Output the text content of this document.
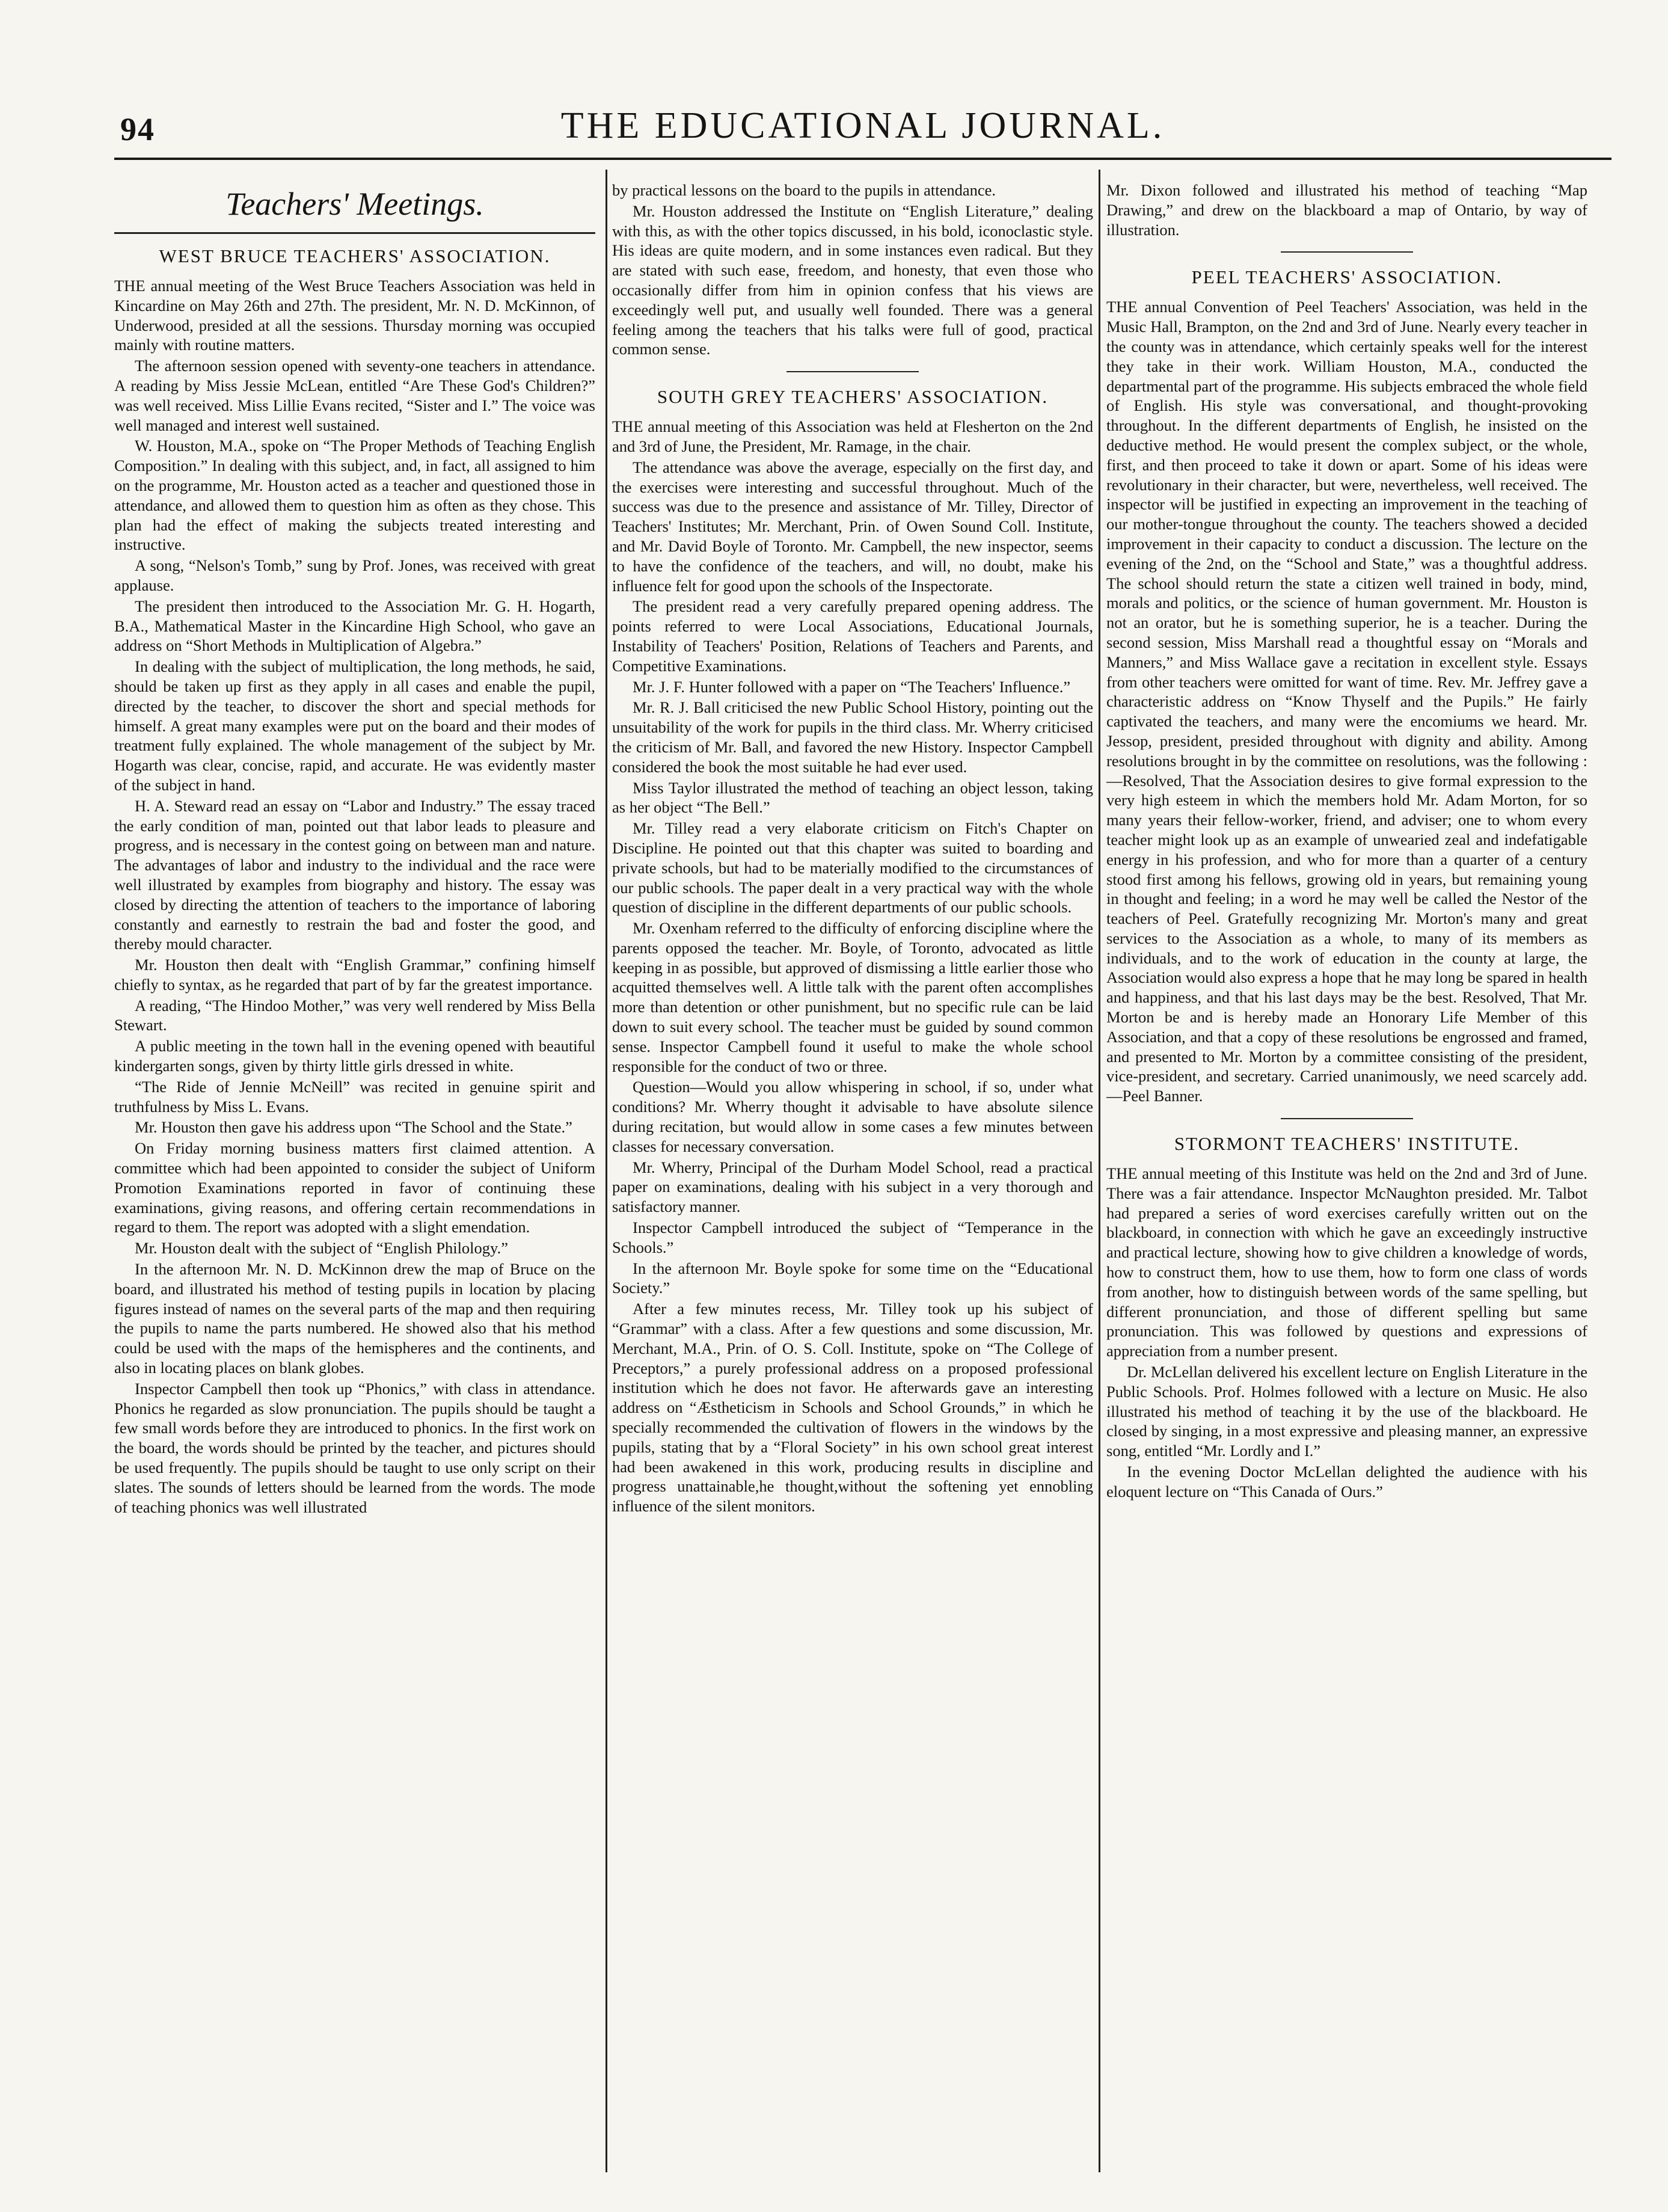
94	THE EDUCATIONAL JOURNAL.
Teachers' Meetings.
WEST BRUCE TEACHERS' ASSOCIATION.

THE annual meeting of the West Bruce Teachers Association was held in Kincardine on May 26th and 27th. The president, Mr. N. D. McKinnon, of Underwood, presided at all the sessions. Thursday morning was occupied mainly with routine matters.

The afternoon session opened with seventy-one teachers in attendance. A reading by Miss Jessie McLean, entitled “Are These God's Children?” was well received. Miss Lillie Evans recited, “Sister and I.” The voice was well managed and interest well sustained.

W. Houston, M.A., spoke on “The Proper Methods of Teaching English Composition.” In dealing with this subject, and, in fact, all assigned to him on the programme, Mr. Houston acted as a teacher and questioned those in attendance, and allowed them to question him as often as they chose. This plan had the effect of making the subjects treated interesting and instructive.

A song, “Nelson's Tomb,” sung by Prof. Jones, was received with great applause.

The president then introduced to the Association Mr. G. H. Hogarth, B.A., Mathematical Master in the Kincardine High School, who gave an address on “Short Methods in Multiplication of Algebra.”

In dealing with the subject of multiplication, the long methods, he said, should be taken up first as they apply in all cases and enable the pupil, directed by the teacher, to discover the short and special methods for himself. A great many examples were put on the board and their modes of treatment fully explained. The whole management of the subject by Mr. Hogarth was clear, concise, rapid, and accurate. He was evidently master of the subject in hand.

H. A. Steward read an essay on “Labor and Industry.” The essay traced the early condition of man, pointed out that labor leads to pleasure and progress, and is necessary in the contest going on between man and nature. The advantages of labor and industry to the individual and the race were well illustrated by examples from biography and history. The essay was closed by directing the attention of teachers to the importance of laboring constantly and earnestly to restrain the bad and foster the good, and thereby mould character.

Mr. Houston then dealt with “English Grammar,” confining himself chiefly to syntax, as he regarded that part of by far the greatest importance.

A reading, “The Hindoo Mother,” was very well rendered by Miss Bella Stewart.

A public meeting in the town hall in the evening opened with beautiful kindergarten songs, given by thirty little girls dressed in white.

“The Ride of Jennie McNeill” was recited in genuine spirit and truthfulness by Miss L. Evans.

Mr. Houston then gave his address upon “The School and the State.”

On Friday morning business matters first claimed attention. A committee which had been appointed to consider the subject of Uniform Promotion Examinations reported in favor of continuing these examinations, giving reasons, and offering certain recommendations in regard to them. The report was adopted with a slight emendation.

Mr. Houston dealt with the subject of “English Philology.”

In the afternoon Mr. N. D. McKinnon drew the map of Bruce on the board, and illustrated his method of testing pupils in location by placing figures instead of names on the several parts of the map and then requiring the pupils to name the parts numbered. He showed also that his method could be used with the maps of the hemispheres and the continents, and also in locating places on blank globes.

Inspector Campbell then took up “Phonics,” with class in attendance. Phonics he regarded as slow pronunciation. The pupils should be taught a few small words before they are introduced to phonics. In the first work on the board, the words should be printed by the teacher, and pictures should be used frequently. The pupils should be taught to use only script on their slates. The sounds of letters should be learned from the words. The mode of teaching phonics was well illustrated

by practical lessons on the board to the pupils in attendance.

Mr. Houston addressed the Institute on “English Literature,” dealing with this, as with the other topics discussed, in his bold, iconoclastic style. His ideas are quite modern, and in some instances even radical. But they are stated with such ease, freedom, and honesty, that even those who occasionally differ from him in opinion confess that his views are exceedingly well put, and usually well founded. There was a general feeling among the teachers that his talks were full of good, practical common sense.

SOUTH GREY TEACHERS' ASSOCIATION.

THE annual meeting of this Association was held at Flesherton on the 2nd and 3rd of June, the President, Mr. Ramage, in the chair.

The attendance was above the average, especially on the first day, and the exercises were interesting and successful throughout. Much of the success was due to the presence and assistance of Mr. Tilley, Director of Teachers' Institutes; Mr. Merchant, Prin. of Owen Sound Coll. Institute, and Mr. David Boyle of Toronto. Mr. Campbell, the new inspector, seems to have the confidence of the teachers, and will, no doubt, make his influence felt for good upon the schools of the Inspectorate.

The president read a very carefully prepared opening address. The points referred to were Local Associations, Educational Journals, Instability of Teachers' Position, Relations of Teachers and Parents, and Competitive Examinations.

Mr. J. F. Hunter followed with a paper on “The Teachers' Influence.”

Mr. R. J. Ball criticised the new Public School History, pointing out the unsuitability of the work for pupils in the third class. Mr. Wherry criticised the criticism of Mr. Ball, and favored the new History. Inspector Campbell considered the book the most suitable he had ever used.

Miss Taylor illustrated the method of teaching an object lesson, taking as her object “The Bell.”

Mr. Tilley read a very elaborate criticism on Fitch's Chapter on Discipline. He pointed out that this chapter was suited to boarding and private schools, but had to be materially modified to the circumstances of our public schools. The paper dealt in a very practical way with the whole question of discipline in the different departments of our public schools.

Mr. Oxenham referred to the difficulty of enforcing discipline where the parents opposed the teacher. Mr. Boyle, of Toronto, advocated as little keeping in as possible, but approved of dismissing a little earlier those who acquitted themselves well. A little talk with the parent often accomplishes more than detention or other punishment, but no specific rule can be laid down to suit every school. The teacher must be guided by sound common sense. Inspector Campbell found it useful to make the whole school responsible for the conduct of two or three.

Question—Would you allow whispering in school, if so, under what conditions? Mr. Wherry thought it advisable to have absolute silence during recitation, but would allow in some cases a few minutes between classes for necessary conversation.

Mr. Wherry, Principal of the Durham Model School, read a practical paper on examinations, dealing with his subject in a very thorough and satisfactory manner.

Inspector Campbell introduced the subject of “Temperance in the Schools.”

In the afternoon Mr. Boyle spoke for some time on the “Educational Society.”

After a few minutes recess, Mr. Tilley took up his subject of “Grammar” with a class. After a few questions and some discussion, Mr. Merchant, M.A., Prin. of O. S. Coll. Institute, spoke on “The College of Preceptors,” a purely professional address on a proposed professional institution which he does not favor. He afterwards gave an interesting address on “Æstheticism in Schools and School Grounds,” in which he specially recommended the cultivation of flowers in the windows by the pupils, stating that by a “Floral Society” in his own school great interest had been awakened in this work, producing results in discipline and progress unattainable,he thought,without the softening yet ennobling influence of the silent monitors.

Mr. Dixon followed and illustrated his method of teaching “Map Drawing,” and drew on the blackboard a map of Ontario, by way of illustration.

PEEL TEACHERS' ASSOCIATION.

THE annual Convention of Peel Teachers' Association, was held in the Music Hall, Brampton, on the 2nd and 3rd of June. Nearly every teacher in the county was in attendance, which certainly speaks well for the interest they take in their work. William Houston, M.A., conducted the departmental part of the programme. His subjects embraced the whole field of English. His style was conversational, and thought-provoking throughout. In the different departments of English, he insisted on the deductive method. He would present the complex subject, or the whole, first, and then proceed to take it down or apart. Some of his ideas were revolutionary in their character, but were, nevertheless, well received. The inspector will be justified in expecting an improvement in the teaching of our mother-tongue throughout the county. The teachers showed a decided improvement in their capacity to conduct a discussion. The lecture on the evening of the 2nd, on the “School and State,” was a thoughtful address. The school should return the state a citizen well trained in body, mind, morals and politics, or the science of human government. Mr. Houston is not an orator, but he is something superior, he is a teacher. During the second session, Miss Marshall read a thoughtful essay on “Morals and Manners,” and Miss Wallace gave a recitation in excellent style. Essays from other teachers were omitted for want of time. Rev. Mr. Jeffrey gave a characteristic address on “Know Thyself and the Pupils.” He fairly captivated the teachers, and many were the encomiums we heard. Mr. Jessop, president, presided throughout with dignity and ability. Among resolutions brought in by the committee on resolutions, was the following :—Resolved, That the Association desires to give formal expression to the very high esteem in which the members hold Mr. Adam Morton, for so many years their fellow-worker, friend, and adviser; one to whom every teacher might look up as an example of unwearied zeal and indefatigable energy in his profession, and who for more than a quarter of a century stood first among his fellows, growing old in years, but remaining young in thought and feeling; in a word he may well be called the Nestor of the teachers of Peel. Gratefully recognizing Mr. Morton's many and great services to the Association as a whole, to many of its members as individuals, and to the work of education in the county at large, the Association would also express a hope that he may long be spared in health and happiness, and that his last days may be the best. Resolved, That Mr. Morton be and is hereby made an Honorary Life Member of this Association, and that a copy of these resolutions be engrossed and framed, and presented to Mr. Morton by a committee consisting of the president, vice-president, and secretary. Carried unanimously, we need scarcely add.—Peel Banner.

STORMONT TEACHERS' INSTITUTE.

THE annual meeting of this Institute was held on the 2nd and 3rd of June. There was a fair attendance. Inspector McNaughton presided. Mr. Talbot had prepared a series of word exercises carefully written out on the blackboard, in connection with which he gave an exceedingly instructive and practical lecture, showing how to give children a knowledge of words, how to construct them, how to use them, how to form one class of words from another, how to distinguish between words of the same spelling, but different pronunciation, and those of different spelling but same pronunciation. This was followed by questions and expressions of appreciation from a number present.

Dr. McLellan delivered his excellent lecture on English Literature in the Public Schools. Prof. Holmes followed with a lecture on Music. He also illustrated his method of teaching it by the use of the blackboard. He closed by singing, in a most expressive and pleasing manner, an expressive song, entitled “Mr. Lordly and I.”

In the evening Doctor McLellan delighted the audience with his eloquent lecture on “This Canada of Ours.”
